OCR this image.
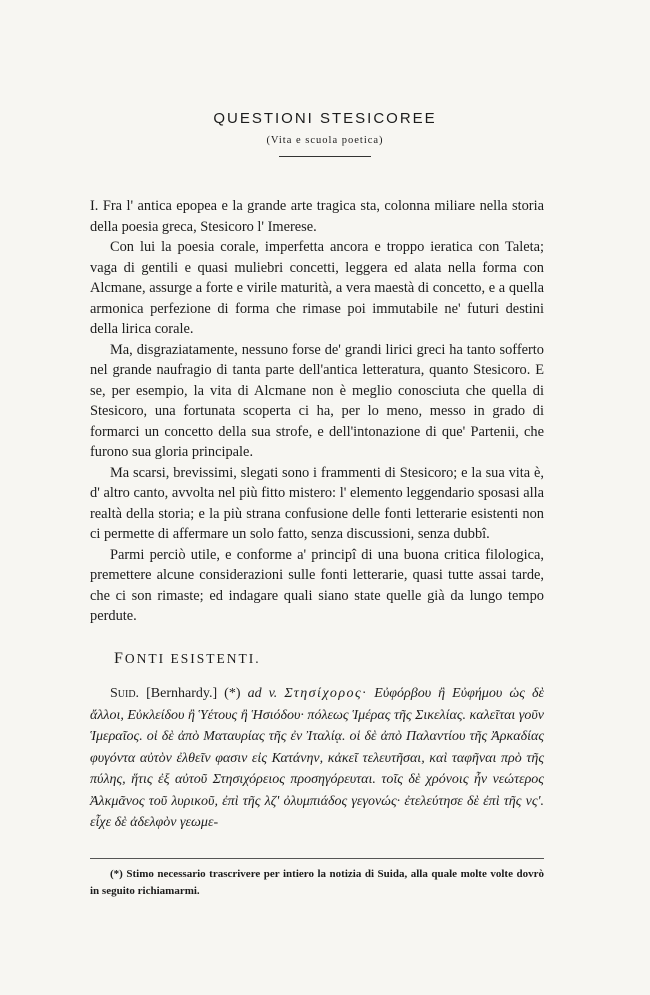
QUESTIONI STESICOREE
(Vita e scuola poetica)

I. Fra l' antica epopea e la grande arte tragica sta, colonna miliare nella storia della poesia greca, Stesicoro l' Imerese.

Con lui la poesia corale, imperfetta ancora e troppo ieratica con Taleta; vaga di gentili e quasi muliebri concetti, leggera ed alata nella forma con Alcmane, assurge a forte e virile maturità, a vera maestà di concetto, e a quella armonica perfezione di forma che rimase poi immutabile ne' futuri destini della lirica corale.

Ma, disgraziatamente, nessuno forse de' grandi lirici greci ha tanto sofferto nel grande naufragio di tanta parte dell'antica letteratura, quanto Stesicoro. E se, per esempio, la vita di Alcmane non è meglio conosciuta che quella di Stesicoro, una fortunata scoperta ci ha, per lo meno, messo in grado di formarci un concetto della sua strofe, e dell'intonazione di que' Partenii, che furono sua gloria principale.

Ma scarsi, brevissimi, slegati sono i frammenti di Stesicoro; e la sua vita è, d' altro canto, avvolta nel più fitto mistero: l' elemento leggendario sposasi alla realtà della storia; e la più strana confusione delle fonti letterarie esistenti non ci permette di affermare un solo fatto, senza discussioni, senza dubbî.

Parmi perciò utile, e conforme a' principî di una buona critica filologica, premettere alcune considerazioni sulle fonti letterarie, quasi tutte assai tarde, che ci son rimaste; ed indagare quali siano state quelle già da lungo tempo perdute.

FONTI ESISTENTI.

Suid. [Bernhardy.] (*) ad v. Στησίχορος· Εὐφόρβου ἢ Εὐφήμου ὡς δὲ ἄλλοι, Εὐκλείδου ἢ Ὑέτους ἢ Ἡσιόδου· πόλεως Ἱμέρας τῆς Σικελίας. καλεῖται γοῦν Ἱμεραῖος. οἱ δὲ ἀπὸ Ματαυρίας τῆς ἐν Ἰταλίᾳ. οἱ δὲ ἀπὸ Παλαντίου τῆς Ἀρκαδίας φυγόντα αὐτὸν ἐλθεῖν φασιν εἰς Κατάνην, κἀκεῖ τελευτῆσαι, καὶ ταφῆναι πρὸ τῆς πύλης, ἥτις ἐξ αὐτοῦ Στησιχόρειος προσηγόρευται. τοῖς δὲ χρόνοις ἦν νεώτερος Ἀλκμᾶνος τοῦ λυρικοῦ, ἐπὶ τῆς λζ' ὀλυμπιάδος γεγονώς· ἐτελεύτησε δὲ ἐπὶ τῆς νς'. εἶχε δὲ ἀδελφὸν γεωμε-

(*) Stimo necessario trascrivere per intiero la notizia di Suida, alla quale molte volte dovrò in seguito richiamarmi.
